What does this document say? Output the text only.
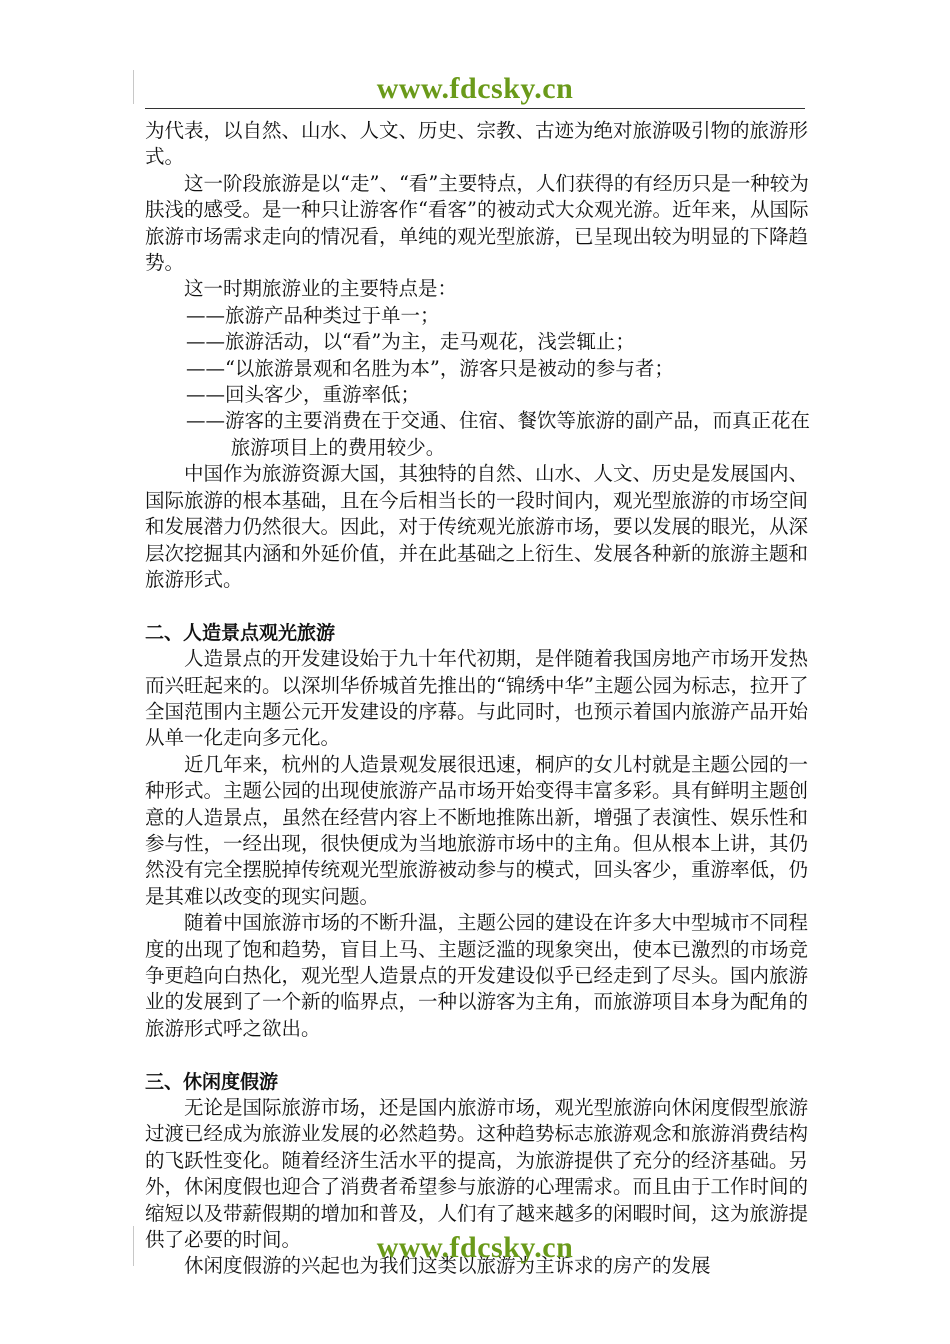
www.fdcsky.cn

为代表，以自然、山水、人文、历史、宗教、古迹为绝对旅游吸引物的旅游形式。

这一阶段旅游是以“走”、“看”主要特点，人们获得的有经历只是一种较为肤浅的感受。是一种只让游客作“看客”的被动式大众观光游。近年来，从国际旅游市场需求走向的情况看，单纯的观光型旅游，已呈现出较为明显的下降趋势。

这一时期旅游业的主要特点是：

——旅游产品种类过于单一；

——旅游活动，以“看”为主，走马观花，浅尝辄止；

——“以旅游景观和名胜为本”，游客只是被动的参与者；

——回头客少，重游率低；

——游客的主要消费在于交通、住宿、餐饮等旅游的副产品，而真正花在旅游项目上的费用较少。

中国作为旅游资源大国，其独特的自然、山水、人文、历史是发展国内、国际旅游的根本基础，且在今后相当长的一段时间内，观光型旅游的市场空间和发展潜力仍然很大。因此，对于传统观光旅游市场，要以发展的眼光，从深层次挖掘其内涵和外延价值，并在此基础之上衍生、发展各种新的旅游主题和旅游形式。

二、人造景点观光旅游

人造景点的开发建设始于九十年代初期，是伴随着我国房地产市场开发热而兴旺起来的。以深圳华侨城首先推出的“锦绣中华”主题公园为标志，拉开了全国范围内主题公元开发建设的序幕。与此同时，也预示着国内旅游产品开始从单一化走向多元化。

近几年来，杭州的人造景观发展很迅速，桐庐的女儿村就是主题公园的一种形式。主题公园的出现使旅游产品市场开始变得丰富多彩。具有鲜明主题创意的人造景点，虽然在经营内容上不断地推陈出新，增强了表演性、娱乐性和参与性，一经出现，很快便成为当地旅游市场中的主角。但从根本上讲，其仍然没有完全摆脱掉传统观光型旅游被动参与的模式，回头客少，重游率低，仍是其难以改变的现实问题。

随着中国旅游市场的不断升温，主题公园的建设在许多大中型城市不同程度的出现了饱和趋势，盲目上马、主题泛滥的现象突出，使本已激烈的市场竞争更趋向白热化，观光型人造景点的开发建设似乎已经走到了尽头。国内旅游业的发展到了一个新的临界点，一种以游客为主角，而旅游项目本身为配角的旅游形式呼之欲出。

三、休闲度假游

无论是国际旅游市场，还是国内旅游市场，观光型旅游向休闲度假型旅游过渡已经成为旅游业发展的必然趋势。这种趋势标志旅游观念和旅游消费结构的飞跃性变化。随着经济生活水平的提高，为旅游提供了充分的经济基础。另外，休闲度假也迎合了消费者希望参与旅游的心理需求。而且由于工作时间的缩短以及带薪假期的增加和普及，人们有了越来越多的闲暇时间，这为旅游提供了必要的时间。

休闲度假游的兴起也为我们这类以旅游为主诉求的房产的发展

www.fdcsky.cn
